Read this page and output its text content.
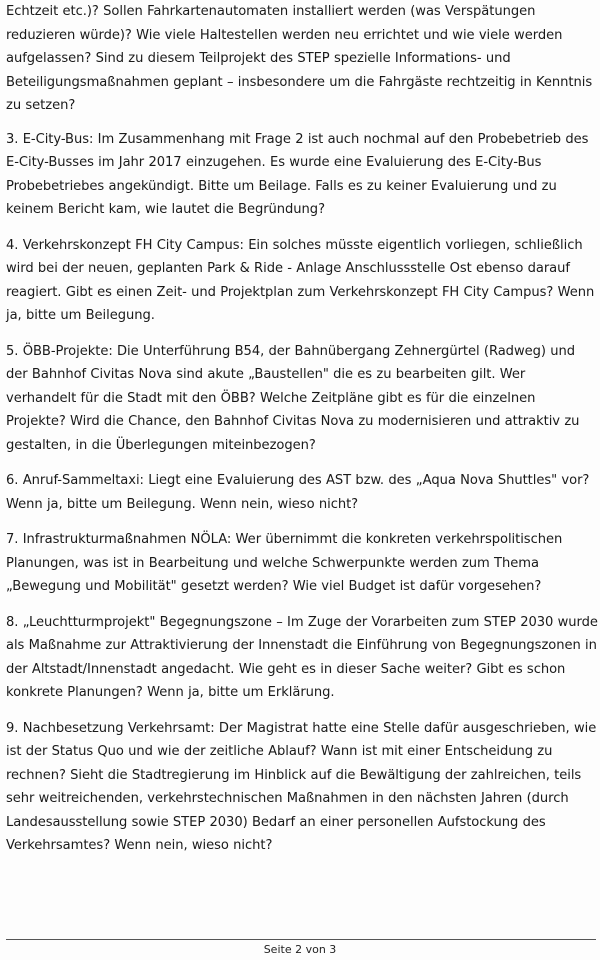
Echtzeit etc.)? Sollen Fahrkartenautomaten installiert werden (was Verspätungen reduzieren würde)? Wie viele Haltestellen werden neu errichtet und wie viele werden aufgelassen? Sind zu diesem Teilprojekt des STEP spezielle Informations- und Beteiligungsmaßnahmen geplant – insbesondere um die Fahrgäste rechtzeitig in Kenntnis zu setzen?

3. E-City-Bus: Im Zusammenhang mit Frage 2 ist auch nochmal auf den Probebetrieb des E-City-Busses im Jahr 2017 einzugehen. Es wurde eine Evaluierung des E-City-Bus Probebetriebes angekündigt. Bitte um Beilage. Falls es zu keiner Evaluierung und zu keinem Bericht kam, wie lautet die Begründung?

4. Verkehrskonzept FH City Campus: Ein solches müsste eigentlich vorliegen, schließlich wird bei der neuen, geplanten Park & Ride - Anlage Anschlussstelle Ost ebenso darauf reagiert. Gibt es einen Zeit- und Projektplan zum Verkehrskonzept FH City Campus? Wenn ja, bitte um Beilegung.

5. ÖBB-Projekte: Die Unterführung B54, der Bahnübergang Zehnergürtel (Radweg) und der Bahnhof Civitas Nova sind akute „Baustellen" die es zu bearbeiten gilt. Wer verhandelt für die Stadt mit den ÖBB? Welche Zeitpläne gibt es für die einzelnen Projekte? Wird die Chance, den Bahnhof Civitas Nova zu modernisieren und attraktiv zu gestalten, in die Überlegungen miteinbezogen?

6. Anruf-Sammeltaxi: Liegt eine Evaluierung des AST bzw. des „Aqua Nova Shuttles" vor? Wenn ja, bitte um Beilegung. Wenn nein, wieso nicht?

7. Infrastrukturmaßnahmen NÖLA: Wer übernimmt die konkreten verkehrspolitischen Planungen, was ist in Bearbeitung und welche Schwerpunkte werden zum Thema „Bewegung und Mobilität" gesetzt werden? Wie viel Budget ist dafür vorgesehen?

8. „Leuchtturmprojekt" Begegnungszone – Im Zuge der Vorarbeiten zum STEP 2030 wurde als Maßnahme zur Attraktivierung der Innenstadt die Einführung von Begegnungszonen in der Altstadt/Innenstadt angedacht. Wie geht es in dieser Sache weiter? Gibt es schon konkrete Planungen? Wenn ja, bitte um Erklärung.

9. Nachbesetzung Verkehrsamt: Der Magistrat hatte eine Stelle dafür ausgeschrieben, wie ist der Status Quo und wie der zeitliche Ablauf? Wann ist mit einer Entscheidung zu rechnen? Sieht die Stadtregierung im Hinblick auf die Bewältigung der zahlreichen, teils sehr weitreichenden, verkehrstechnischen Maßnahmen in den nächsten Jahren (durch Landesausstellung sowie STEP 2030) Bedarf an einer personellen Aufstockung des Verkehrsamtes? Wenn nein, wieso nicht?

Seite 2 von 3
